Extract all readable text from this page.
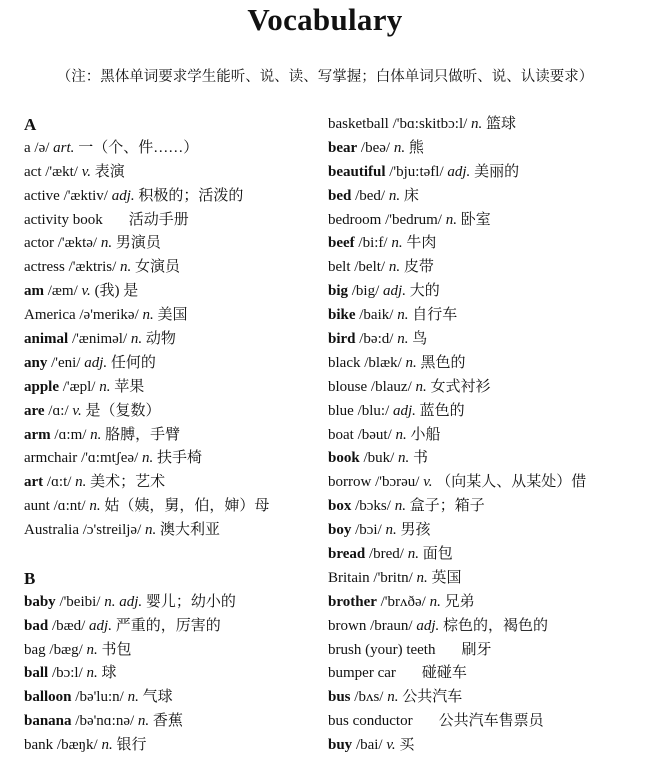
Vocabulary
（注：黑体单词要求学生能听、说、读、写掌握；白体单词只做听、说、认读要求）
A
a /ə/ art. 一（个、件……）
act /'ækt/ v. 表演
active /'æktiv/ adj. 积极的；活泼的
activity book 活动手册
actor /'æktə/ n. 男演员
actress /'æktris/ n. 女演员
am /æm/ v. (我) 是
America /ə'merikə/ n. 美国
animal /'æniməl/ n. 动物
any /'eni/ adj. 任何的
apple /'æpl/ n. 苹果
are /ɑ:/ v. 是（复数）
arm /ɑ:m/ n. 胳膊，手臂
armchair /'ɑ:mtʃeə/ n. 扶手椅
art /ɑ:t/ n. 美术；艺术
aunt /ɑ:nt/ n. 姑（姨，舅，伯，婶）母
Australia /ɔ'streiljə/ n. 澳大利亚
B
baby /'beibi/ n. adj. 婴儿；幼小的
bad /bæd/ adj. 严重的，厉害的
bag /bæg/ n. 书包
ball /bɔ:l/ n. 球
balloon /bə'lu:n/ n. 气球
banana /bə'nɑ:nə/ n. 香蕉
bank /bæŋk/ n. 银行
basketball /'bɑ:skitbɔ:l/ n. 篮球
bear /beə/ n. 熊
beautiful /'bju:təfl/ adj. 美丽的
bed /bed/ n. 床
bedroom /'bedrum/ n. 卧室
beef /bi:f/ n. 牛肉
belt /belt/ n. 皮带
big /big/ adj. 大的
bike /baik/ n. 自行车
bird /bə:d/ n. 鸟
black /blæk/ n. 黑色的
blouse /blauz/ n. 女式衬衫
blue /blu:/ adj. 蓝色的
boat /bəut/ n. 小船
book /buk/ n. 书
borrow /'bɔrəu/ v. （向某人、从某处）借
box /bɔks/ n. 盒子；箱子
boy /bɔi/ n. 男孩
bread /bred/ n. 面包
Britain /'britn/ n. 英国
brother /'brʌðə/ n. 兄弟
brown /braun/ adj. 棕色的，褐色的
brush (your) teeth 刷牙
bumper car 碰碰车
bus /bʌs/ n. 公共汽车
bus conductor 公共汽车售票员
buy /bai/ v. 买
